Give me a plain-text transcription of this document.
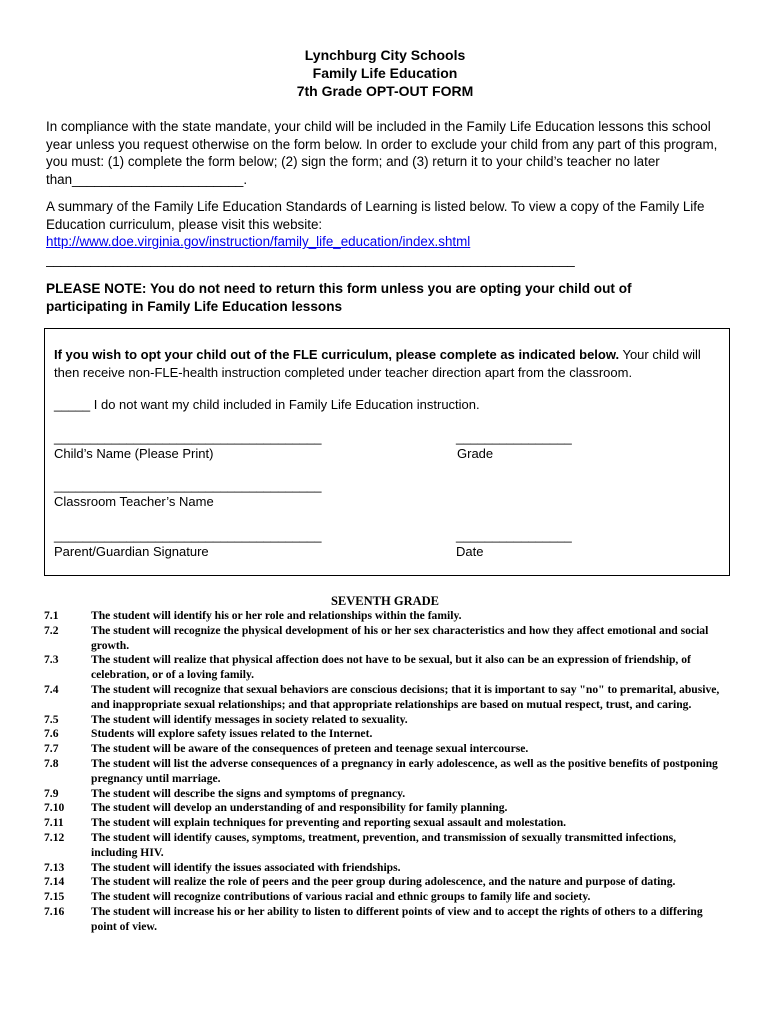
Lynchburg City Schools
Family Life Education
7th Grade OPT-OUT FORM
In compliance with the state mandate, your child will be included in the Family Life Education lessons this school year unless you request otherwise on the form below. In order to exclude your child from any part of this program, you must: (1) complete the form below; (2) sign the form; and (3) return it to your child’s teacher no later than_______________________.
A summary of the Family Life Education Standards of Learning is listed below. To view a copy of the Family Life Education curriculum, please visit this website:
http://www.doe.virginia.gov/instruction/family_life_education/index.shtml
_______________________________________________________________________
PLEASE NOTE: You do not need to return this form unless you are opting your child out of participating in Family Life Education lessons
If you wish to opt your child out of the FLE curriculum, please complete as indicated below. Your child will then receive non-FLE-health instruction completed under teacher direction apart from the classroom.
_____ I do not want my child included in Family Life Education instruction.
_____________________________________	________________
Child’s Name (Please Print)	Grade
_____________________________________
Classroom Teacher’s Name
_____________________________________	________________
Parent/Guardian Signature	Date
SEVENTH GRADE
7.1	The student will identify his or her role and relationships within the family.
7.2	The student will recognize the physical development of his or her sex characteristics and how they affect emotional and social growth.
7.3	The student will realize that physical affection does not have to be sexual, but it also can be an expression of friendship, of celebration, or of a loving family.
7.4	The student will recognize that sexual behaviors are conscious decisions; that it is important to say "no" to premarital, abusive, and inappropriate sexual relationships; and that appropriate relationships are based on mutual respect, trust, and caring.
7.5	The student will identify messages in society related to sexuality.
7.6	Students will explore safety issues related to the Internet.
7.7	The student will be aware of the consequences of preteen and teenage sexual intercourse.
7.8	The student will list the adverse consequences of a pregnancy in early adolescence, as well as the positive benefits of postponing pregnancy until marriage.
7.9	The student will describe the signs and symptoms of pregnancy.
7.10	The student will develop an understanding of and responsibility for family planning.
7.11	The student will explain techniques for preventing and reporting sexual assault and molestation.
7.12	The student will identify causes, symptoms, treatment, prevention, and transmission of sexually transmitted infections, including HIV.
7.13	The student will identify the issues associated with friendships.
7.14	The student will realize the role of peers and the peer group during adolescence, and the nature and purpose of dating.
7.15	The student will recognize contributions of various racial and ethnic groups to family life and society.
7.16	The student will increase his or her ability to listen to different points of view and to accept the rights of others to a differing point of view.
